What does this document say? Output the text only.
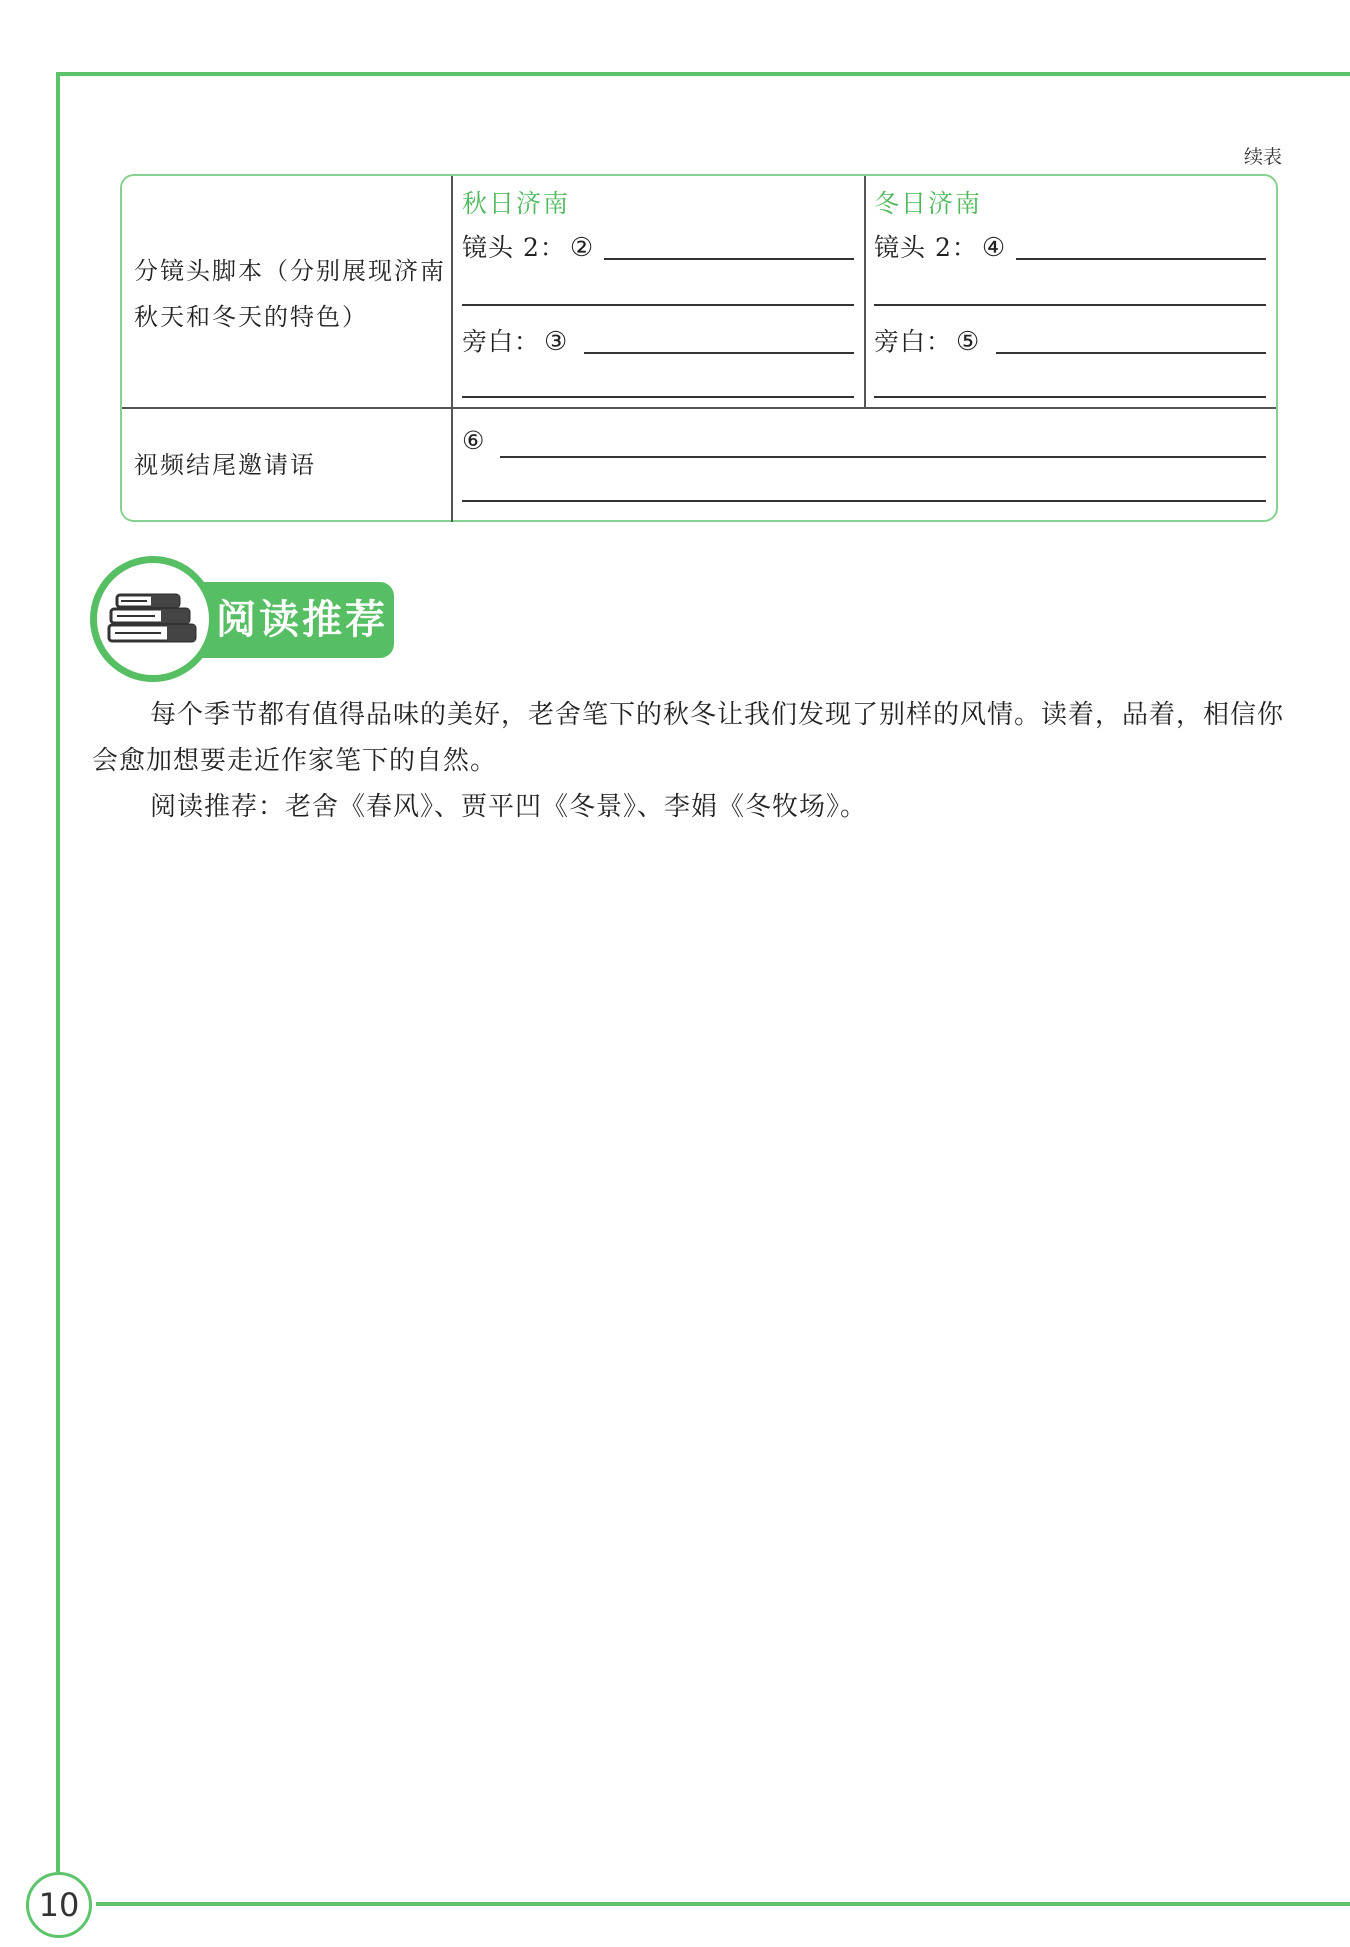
10
续表
分镜头脚本（分别展现济南秋天和冬天的特色）
秋日济南
镜头 2： ②
旁白： ③
冬日济南
镜头 2： ④
旁白： ⑤
视频结尾邀请语
⑥
阅读推荐
每个季节都有值得品味的美好，老舍笔下的秋冬让我们发现了别样的风情。读着，品着，相信你会愈加想要走近作家笔下的自然。
阅读推荐：老舍《春风》、贾平凹《冬景》、李娟《冬牧场》。
